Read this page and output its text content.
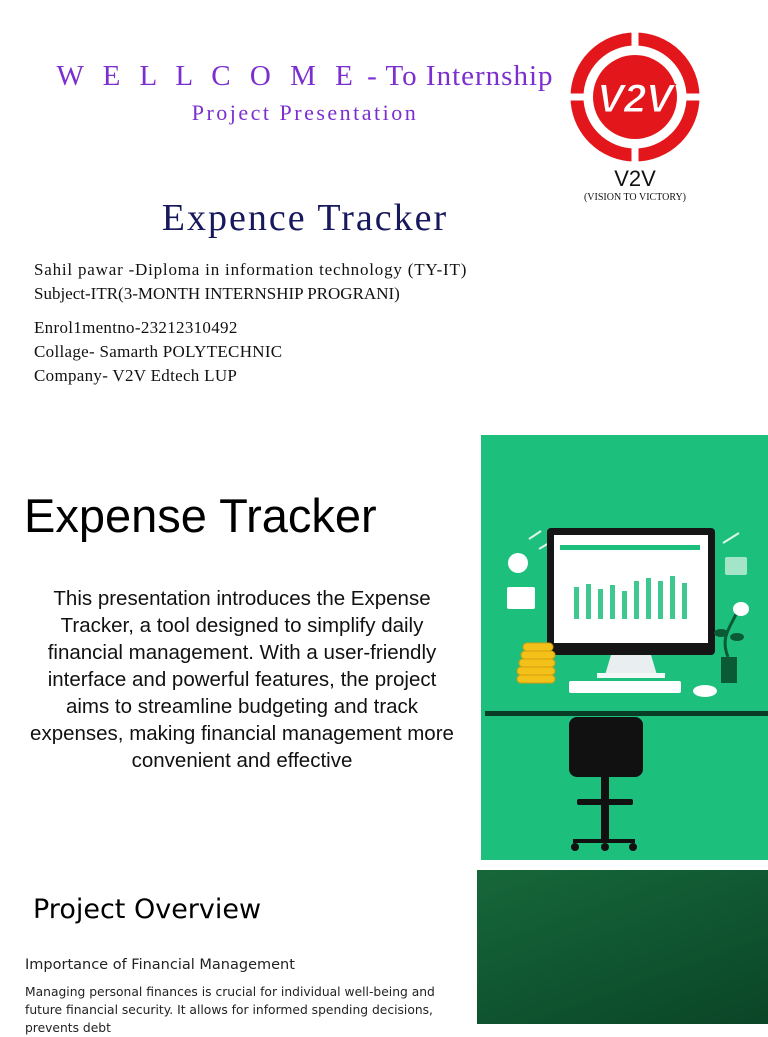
W E L L C O M E - To Internship
Project Presentation	V2V
V2V
(VISION TO VICTORY)
Expence Tracker
Sahil pawar -Diploma in information technology (TY-IT)
Subject-ITR(3-MONTH INTERNSHIP PROGRANI)
Enrol1mentno-23212310492
Collage- Samarth POLYTECHNIC
Company- V2V Edtech LUP
Expense Tracker
This presentation introduces the Expense Tracker, a tool designed to simplify daily financial management. With a user-friendly interface and powerful features, the project aims to streamline budgeting and track expenses, making financial management more convenient and effective
Project Overview
Importance of Financial Management
Managing personal finances is crucial for individual well-being and future financial security. It allows for informed spending decisions, prevents debt
